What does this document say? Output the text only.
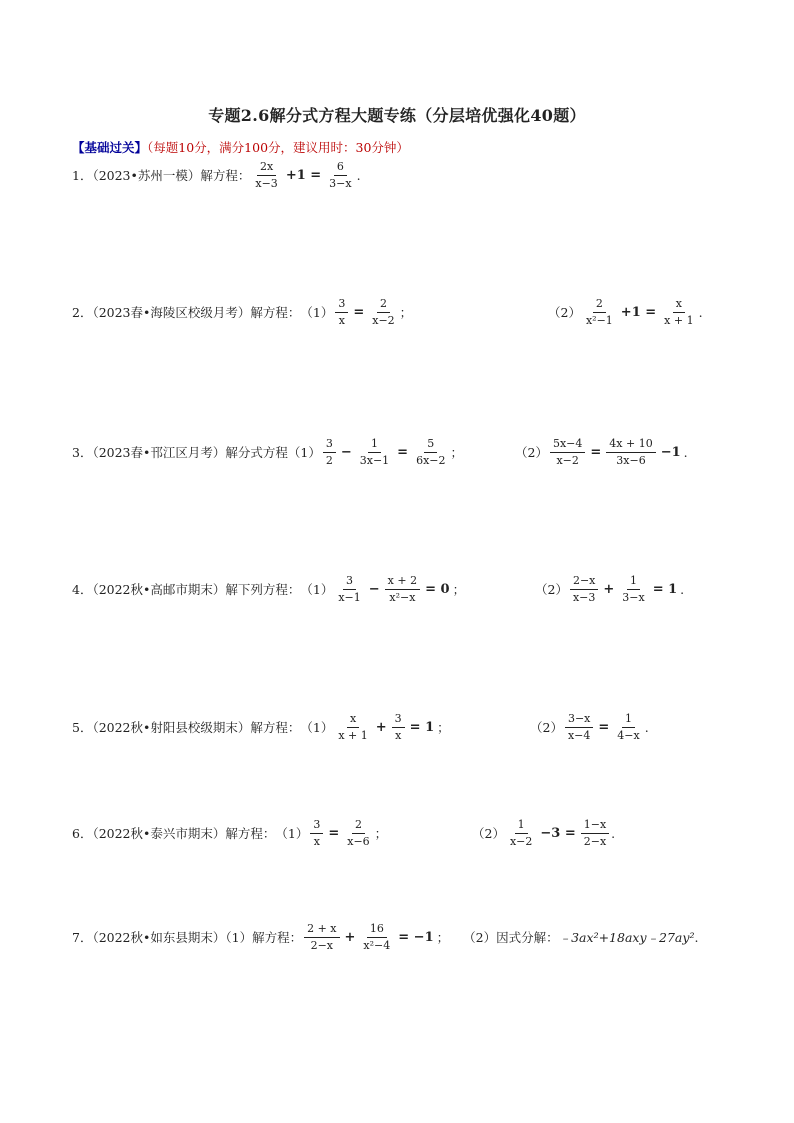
专题2.6解分式方程大题专练（分层培优强化40题）
【基础过关】（每题10分，满分100分，建议用时：30分钟）
1．（2023•苏州一模）解方程： $\frac{2x}{x-3} +1 = \frac{6}{3-x}$ .
2．（2023春•海陵区校级月考）解方程： $(1) \frac{3}{x} = \frac{2}{x-2}$ ；	$(2) \frac{2}{\text{x²−1}} +1 = \frac{x}{x + 1}$ .
3．（2023春•邗江区月考）解分式方程 $(1) \frac{3}{2} - \frac{1}{3x-1} = \frac{5}{6x-2}$ ；	$(2) \frac{5x-4}{x-2} = \frac{4x + 10}{3x-6} -1$ .
4．（2022秋•高邮市期末）解下列方程： $(1) \frac{3}{x-1} - \frac{x + 2}{\text{x²−x}} = 0$ ；	$(2) \frac{2-x}{x-3} + \frac{1}{3-x} = 1$ .
5．（2022秋•射阳县校级期末）解方程： $(1) \frac{x}{x + 1} + \frac{3}{x} = 1$ ；	$(2) \frac{3-x}{x-4} = \frac{1}{4-x}$ .
6．（2022秋•泰兴市期末）解方程： $(1) \frac{3}{x} = \frac{2}{x-6}$ ；	$(2) \frac{1}{x-2} -3 = \frac{1-x}{2-x}$ .
7．（2022秋•如东县期末）（1）解方程： $\frac{2 + x}{2-x} + \frac{16}{\text{x²−4}} = -1$ ； （2）因式分解： ﹣3ax²+18axy﹣27ay² .
